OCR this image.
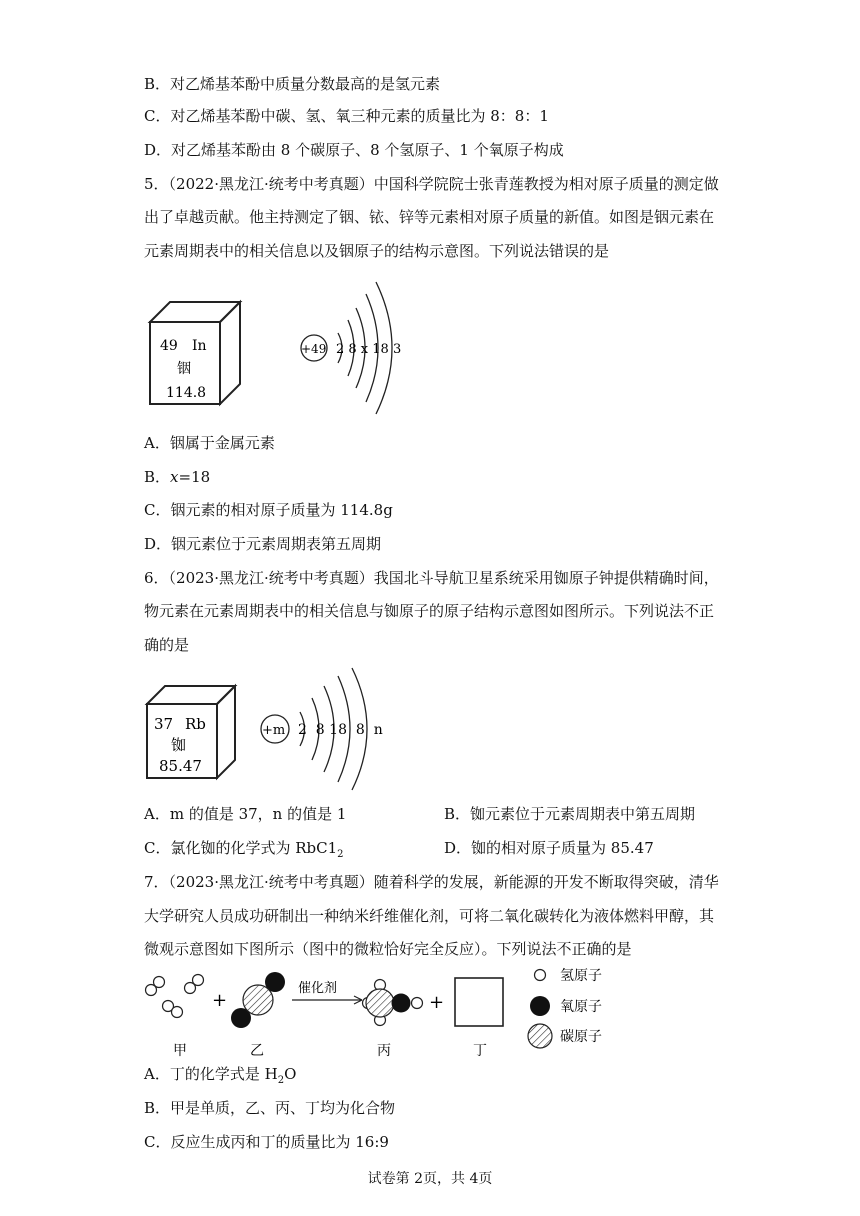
B．对乙烯基苯酚中质量分数最高的是氢元素
C．对乙烯基苯酚中碳、氢、氧三种元素的质量比为 8：8：1
D．对乙烯基苯酚由 8 个碳原子、8 个氢原子、1 个氧原子构成
5．（2022·黑龙江·统考中考真题）中国科学院院士张青莲教授为相对原子质量的测定做
出了卓越贡献。他主持测定了铟、铱、锌等元素相对原子质量的新值。如图是铟元素在
元素周期表中的相关信息以及铟原子的结构示意图。下列说法错误的是
49 In
铟
114.8
+49 2 8 x 18 3
A．铟属于金属元素
B．x=18
C．铟元素的相对原子质量为 114.8g
D．铟元素位于元素周期表第五周期
6．（2023·黑龙江·统考中考真题）我国北斗导航卫星系统采用铷原子钟提供精确时间，
物元素在元素周期表中的相关信息与铷原子的原子结构示意图如图所示。下列说法不正
确的是
37 Rb
铷
85.47
+m 2  8 18  8  n
A．m 的值是 37，n 的值是 1	B．铷元素位于元素周期表中第五周期
C．氯化铷的化学式为 $RbC1_2$	D．铷的相对原子质量为 85.47
7．（2023·黑龙江·统考中考真题）随着科学的发展，新能源的开发不断取得突破，清华
大学研究人员成功研制出一种纳米纤维催化剂，可将二氧化碳转化为液体燃料甲醇，其
微观示意图如下图所示（图中的微粒恰好完全反应）。下列说法不正确的是
+
催化剂
+
甲	乙	丙	丁
氢原子
氧原子
碳原子
A．丁的化学式是 $H_2O$
B．甲是单质，乙、丙、丁均为化合物
C．反应生成丙和丁的质量比为 16:9
试卷第 2页，共 4页
